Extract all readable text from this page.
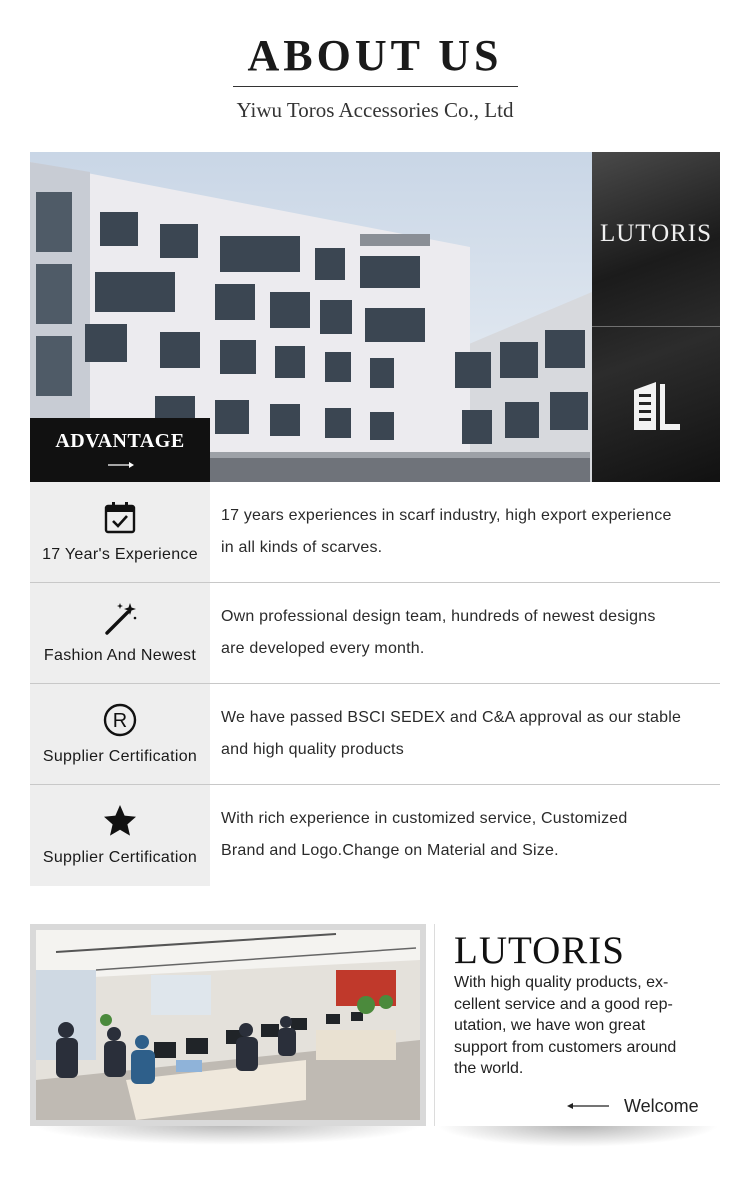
ABOUT US
Yiwu Toros Accessories Co., Ltd
LUTORIS
ADVANTAGE
17 Year's Experience
17 years experiences in scarf industry, high export experience
in all kinds of scarves.
Fashion And Newest
Own professional design team, hundreds of newest designs
are developed every month.
R
Supplier Certification
We have passed BSCI SEDEX and C&A approval as our stable
and high quality products
Supplier Certification
With rich experience in customized service, Customized
Brand and Logo.Change on Material and Size.
LUTORIS
With high quality products, ex-
cellent service and a good rep-
utation, we have won great
support from customers around
the world.
Welcome
